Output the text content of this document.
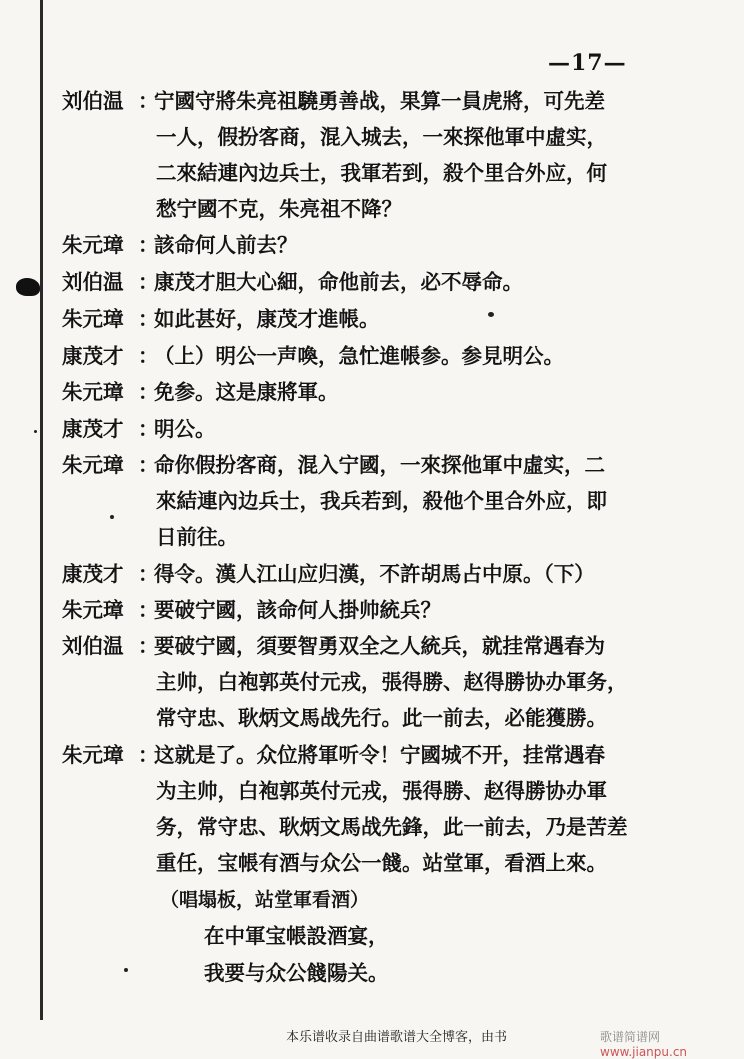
—17—
刘伯温 ：宁國守將朱亮祖驍勇善战，果算一員虎將，可先差
一人，假扮客商，混入城去，一來探他軍中虛实，
二來結連內边兵士，我軍若到，殺个里合外应，何
愁宁國不克，朱亮祖不降？
朱元璋 ：該命何人前去？
刘伯温 ：康茂才胆大心細，命他前去，必不辱命。
朱元璋 ：如此甚好，康茂才進帳。
康茂才 ：（上）明公一声喚，急忙進帳参。参見明公。
朱元璋 ：免参。这是康將軍。
康茂才 ：明公。
朱元璋 ：命你假扮客商，混入宁國，一來探他軍中虛实，二
來結連內边兵士，我兵若到，殺他个里合外应，即
日前往。
康茂才 ：得令。漢人江山应归漢，不許胡馬占中原。（下）
朱元璋 ：要破宁國，該命何人掛帅統兵？
刘伯温 ：要破宁國，須要智勇双全之人統兵，就挂常遇春为
主帅，白袍郭英付元戎，張得勝、赵得勝协办軍务，
常守忠、耿炳文馬战先行。此一前去，必能獲勝。
朱元璋 ：这就是了。众位將軍听令！宁國城不开，挂常遇春
为主帅，白袍郭英付元戎，張得勝、赵得勝协办軍
务，常守忠、耿炳文馬战先鋒，此一前去，乃是苦差
重任，宝帳有酒与众公一餞。站堂軍，看酒上來。
（唱塌板，站堂軍看酒）
在中軍宝帳設酒宴，
我要与众公餞陽关。
本乐谱收录自曲谱歌谱大全博客，由书	歌谱简谱网 www.jianpu.cn
